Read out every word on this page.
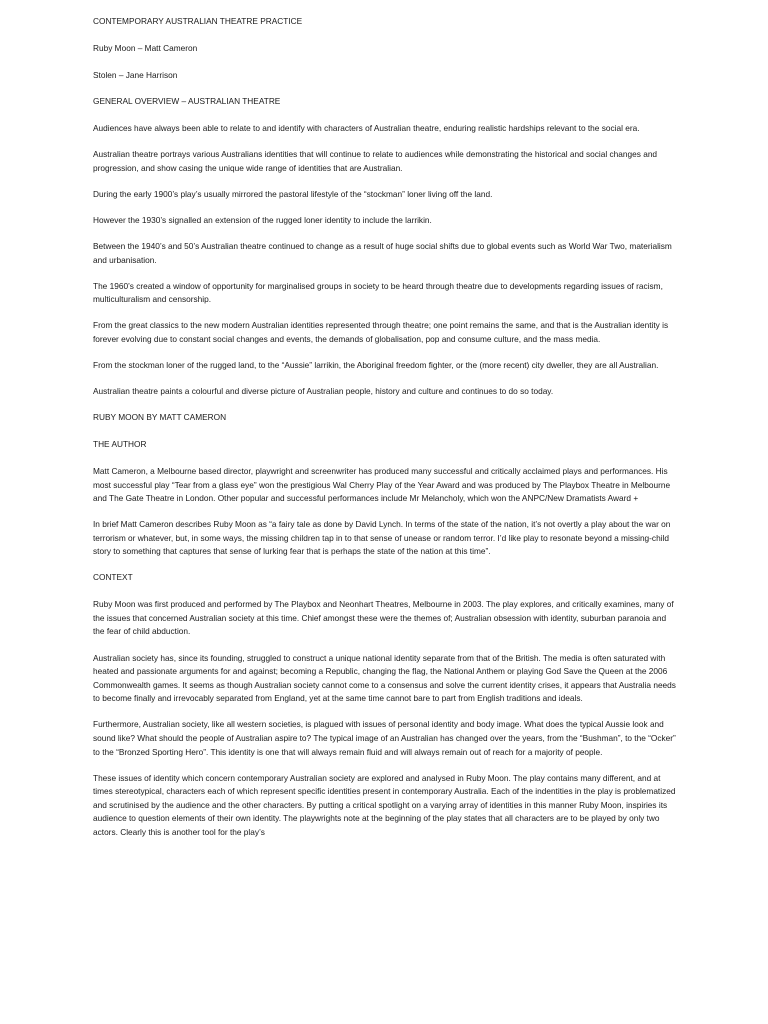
CONTEMPORARY AUSTRALIAN THEATRE PRACTICE

Ruby Moon – Matt Cameron

Stolen – Jane Harrison

GENERAL OVERVIEW – AUSTRALIAN THEATRE

Audiences have always been able to relate to and identify with characters of Australian theatre, enduring realistic hardships relevant to the social era.

Australian theatre portrays various Australians identities that will continue to relate to audiences while demonstrating the historical and social changes and progression, and show casing the unique wide range of identities that are Australian.

During the early 1900’s play’s usually mirrored the pastoral lifestyle of the “stockman” loner living off the land.

However the 1930’s signalled an extension of the rugged loner identity to include the larrikin.

Between the 1940’s and 50’s Australian theatre continued to change as a result of huge social shifts due to global events such as World War Two, materialism and urbanisation.

The 1960’s created a window of opportunity for marginalised groups in society to be heard through theatre due to developments regarding issues of racism, multiculturalism and censorship.

From the great classics to the new modern Australian identities represented through theatre; one point remains the same, and that is the Australian identity is forever evolving due to constant social changes and events, the demands of globalisation, pop and consume culture, and the mass media.

From the stockman loner of the rugged land, to the “Aussie” larrikin, the Aboriginal freedom fighter, or the (more recent) city dweller, they are all Australian.

Australian theatre paints a colourful and diverse picture of Australian people, history and culture and continues to do so today.

RUBY MOON BY MATT CAMERON

THE AUTHOR

Matt Cameron, a Melbourne based director, playwright and screenwriter has produced many successful and critically acclaimed plays and performances. His most successful play “Tear from a glass eye” won the prestigious Wal Cherry Play of the Year Award and was produced by The Playbox Theatre in Melbourne and The Gate Theatre in London. Other popular and successful performances include Mr Melancholy, which won the ANPC/New Dramatists Award +

In brief Matt Cameron describes Ruby Moon as “a fairy tale as done by David Lynch. In terms of the state of the nation, it’s not overtly a play about the war on terrorism or whatever, but, in some ways, the missing children tap in to that sense of unease or random terror. I’d like play to resonate beyond a missing-child story to something that captures that sense of lurking fear that is perhaps the state of the nation at this time”.

CONTEXT

Ruby Moon was first produced and performed by The Playbox and Neonhart Theatres, Melbourne in 2003. The play explores, and critically examines, many of the issues that concerned Australian society at this time. Chief amongst these were the themes of; Australian obsession with identity, suburban paranoia and the fear of child abduction.

Australian society has, since its founding, struggled to construct a unique national identity separate from that of the British. The media is often saturated with heated and passionate arguments for and against; becoming a Republic, changing the flag, the National Anthem or playing God Save the Queen at the 2006 Commonwealth games. It seems as though Australian society cannot come to a consensus and solve the current identity crises, it appears that Australia needs to become finally and irrevocably separated from England, yet at the same time cannot bare to part from English traditions and ideals.

Furthermore, Australian society, like all western societies, is plagued with issues of personal identity and body image. What does the typical Aussie look and sound like? What should the people of Australian aspire to? The typical image of an Australian has changed over the years, from the “Bushman”, to the “Ocker” to the “Bronzed Sporting Hero”. This identity is one that will always remain fluid and will always remain out of reach for a majority of people.

These issues of identity which concern contemporary Australian society are explored and analysed in Ruby Moon. The play contains many different, and at times stereotypical, characters each of which represent specific identities present in contemporary Australia. Each of the indentities in the play is problematized and scrutinised by the audience and the other characters. By putting a critical spotlight on a varying array of identities in this manner Ruby Moon, inspiries its audience to question elements of their own identity. The playwrights note at the beginning of the play states that all characters are to be played by only two actors. Clearly this is another tool for the play’s
